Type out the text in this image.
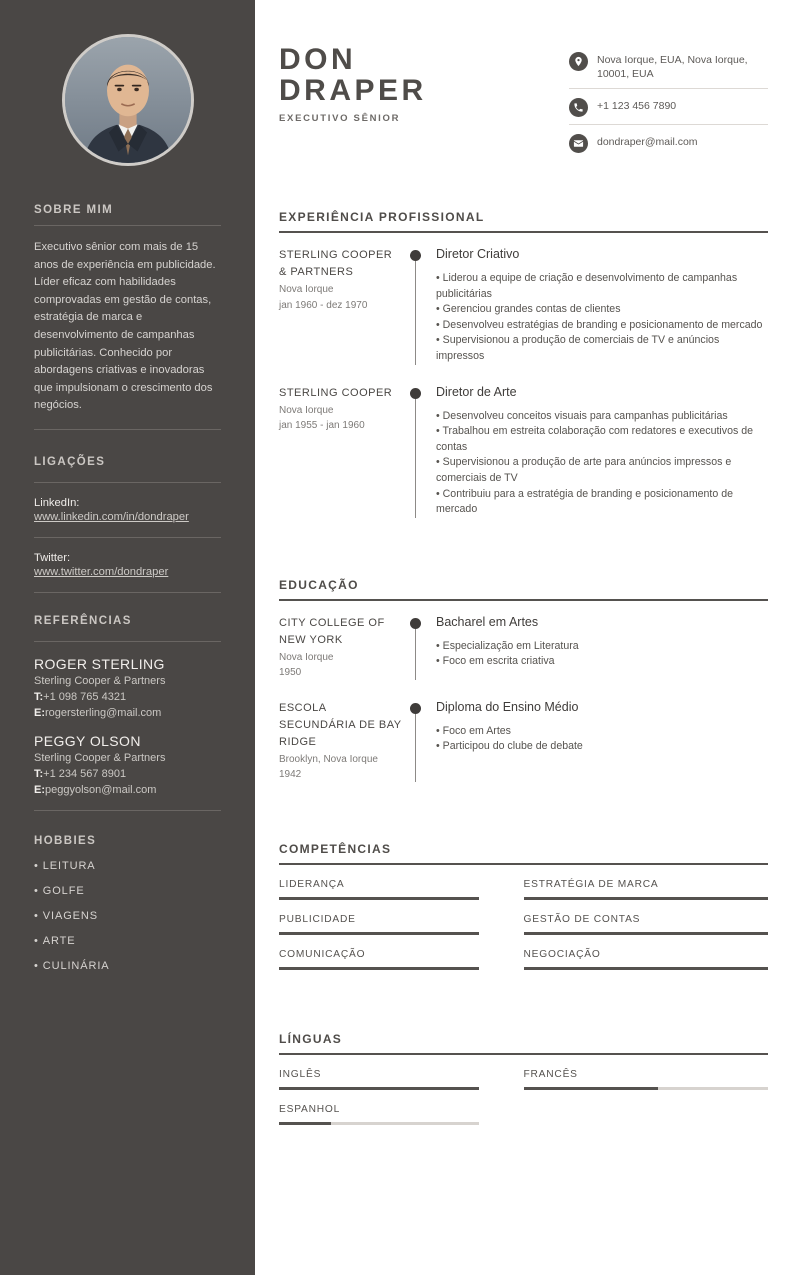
SOBRE MIM
Executivo sênior com mais de 15 anos de experiência em publicidade. Líder eficaz com habilidades comprovadas em gestão de contas, estratégia de marca e desenvolvimento de campanhas publicitárias. Conhecido por abordagens criativas e inovadoras que impulsionam o crescimento dos negócios.
LIGAÇÕES
LinkedIn:
www.linkedin.com/in/dondraper
Twitter:
www.twitter.com/dondraper
REFERÊNCIAS
ROGER STERLING
Sterling Cooper & Partners
T:+1 098 765 4321
E:rogersterling@mail.com
PEGGY OLSON
Sterling Cooper & Partners
T:+1 234 567 8901
E:peggyolson@mail.com
HOBBIES
• LEITURA
• GOLFE
• VIAGENS
• ARTE
• CULINÁRIA
DON
DRAPER
EXECUTIVO SÊNIOR
Nova Iorque, EUA, Nova Iorque, 10001, EUA
+1 123 456 7890
dondraper@mail.com
EXPERIÊNCIA PROFISSIONAL
STERLING COOPER & PARTNERS
Nova Iorque
jan 1960 - dez 1970
Diretor Criativo
• Liderou a equipe de criação e desenvolvimento de campanhas publicitárias
• Gerenciou grandes contas de clientes
• Desenvolveu estratégias de branding e posicionamento de mercado
• Supervisionou a produção de comerciais de TV e anúncios impressos
STERLING COOPER
Nova Iorque
jan 1955 - jan 1960
Diretor de Arte
• Desenvolveu conceitos visuais para campanhas publicitárias
• Trabalhou em estreita colaboração com redatores e executivos de contas
• Supervisionou a produção de arte para anúncios impressos e comerciais de TV
• Contribuiu para a estratégia de branding e posicionamento de mercado
EDUCAÇÃO
CITY COLLEGE OF NEW YORK
Nova Iorque
1950
Bacharel em Artes
• Especialização em Literatura
• Foco em escrita criativa
ESCOLA SECUNDÁRIA DE BAY RIDGE
Brooklyn, Nova Iorque
1942
Diploma do Ensino Médio
• Foco em Artes
• Participou do clube de debate
COMPETÊNCIAS
LIDERANÇA	ESTRATÉGIA DE MARCA
PUBLICIDADE	GESTÃO DE CONTAS
COMUNICAÇÃO	NEGOCIAÇÃO
LÍNGUAS
INGLÊS	FRANCÊS
ESPANHOL
